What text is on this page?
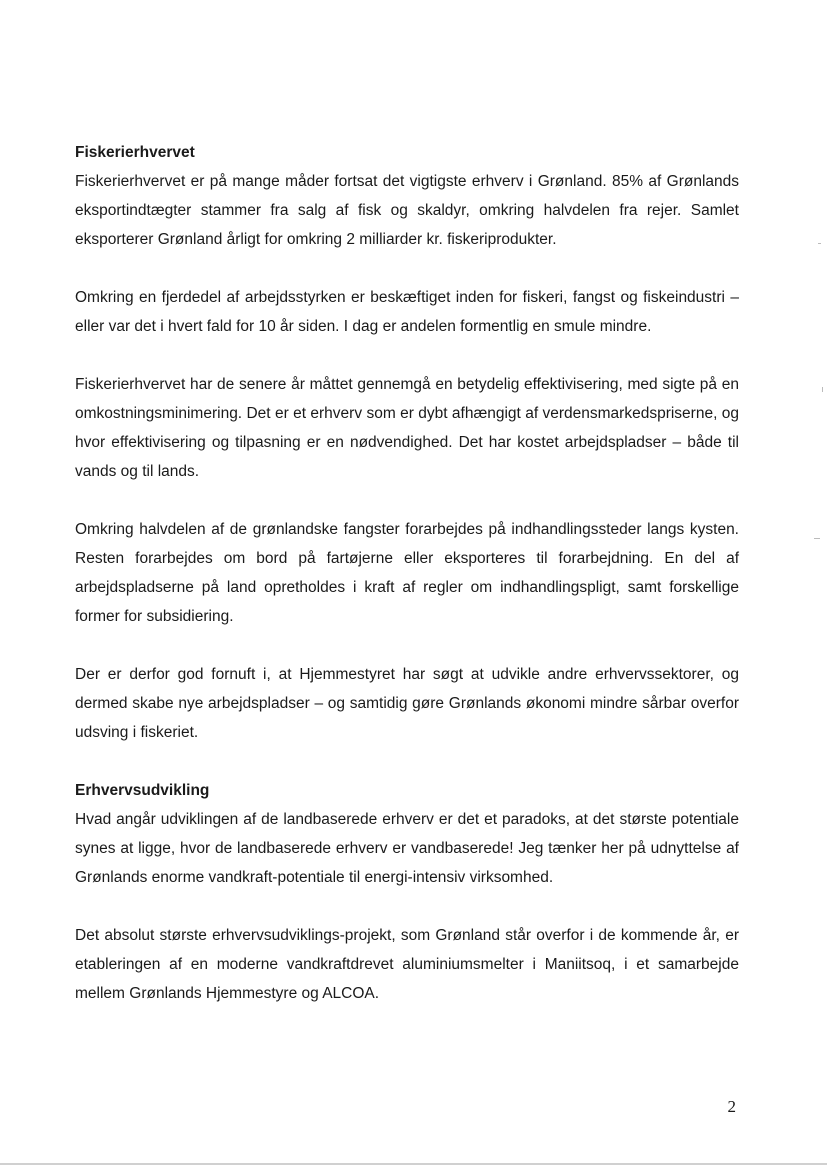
Fiskerierhvervet

Fiskerierhvervet er på mange måder fortsat det vigtigste erhverv i Grønland. 85% af Grønlands eksportindtægter stammer fra salg af fisk og skaldyr, omkring halvdelen fra rejer. Samlet eksporterer Grønland årligt for omkring 2 milliarder kr. fiskeriprodukter.

Omkring en fjerdedel af arbejdsstyrken er beskæftiget inden for fiskeri, fangst og fiskeindustri – eller var det i hvert fald for 10 år siden. I dag er andelen formentlig en smule mindre.

Fiskerierhvervet har de senere år måttet gennemgå en betydelig effektivisering, med sigte på en omkostningsminimering. Det er et erhverv som er dybt afhængigt af verdensmarkedspriserne, og hvor effektivisering og tilpasning er en nødvendighed. Det har kostet arbejdspladser – både til vands og til lands.

Omkring halvdelen af de grønlandske fangster forarbejdes på indhandlingssteder langs kysten. Resten forarbejdes om bord på fartøjerne eller eksporteres til forarbejdning. En del af arbejdspladserne på land opretholdes i kraft af regler om indhandlingspligt, samt forskellige former for subsidiering.

Der er derfor god fornuft i, at Hjemmestyret har søgt at udvikle andre erhvervssektorer, og dermed skabe nye arbejdspladser – og samtidig gøre Grønlands økonomi mindre sårbar overfor udsving i fiskeriet.

Erhvervsudvikling

Hvad angår udviklingen af de landbaserede erhverv er det et paradoks, at det største potentiale synes at ligge, hvor de landbaserede erhverv er vandbaserede! Jeg tænker her på udnyttelse af Grønlands enorme vandkraft-potentiale til energi-intensiv virksomhed.

Det absolut største erhvervsudviklings-projekt, som Grønland står overfor i de kommende år, er etableringen af en moderne vandkraftdrevet aluminiumsmelter i Maniitsoq, i et samarbejde mellem Grønlands Hjemmestyre og ALCOA.

2
